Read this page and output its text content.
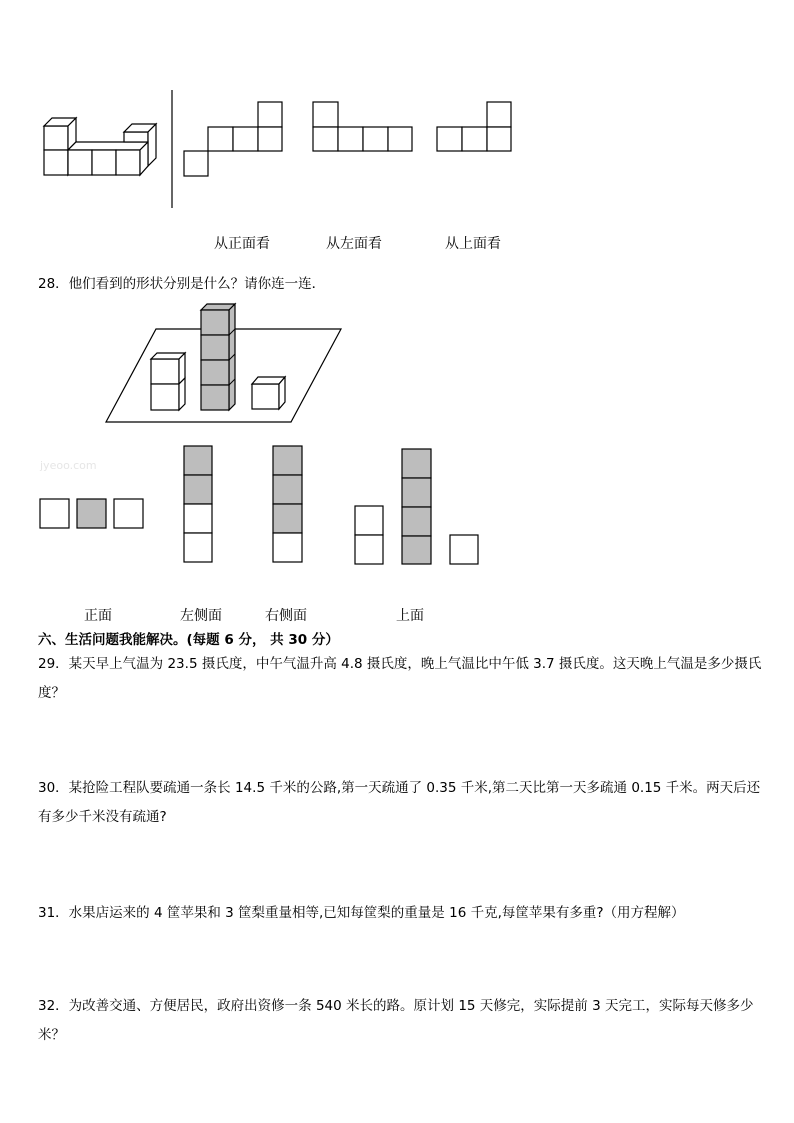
从正面看	从左面看	从上面看
28．他们看到的形状分别是什么？请你连一连．
jyeoo.com
正面	左侧面	右侧面	上面
六、生活问题我能解决。(每题 6 分， 共 30 分）
29．某天早上气温为 23.5 摄氏度，中午气温升高 4.8 摄氏度，晚上气温比中午低 3.7 摄氏度。这天晚上气温是多少摄氏度？
30．某抢险工程队要疏通一条长 14.5 千米的公路,第一天疏通了 0.35 千米,第二天比第一天多疏通 0.15 千米。两天后还有多少千米没有疏通?
31．水果店运来的 4 筐苹果和 3 筐梨重量相等,已知每筐梨的重量是 16 千克,每筐苹果有多重?（用方程解）
32．为改善交通、方便居民，政府出资修一条 540 米长的路。原计划 15 天修完，实际提前 3 天完工，实际每天修多少米？
